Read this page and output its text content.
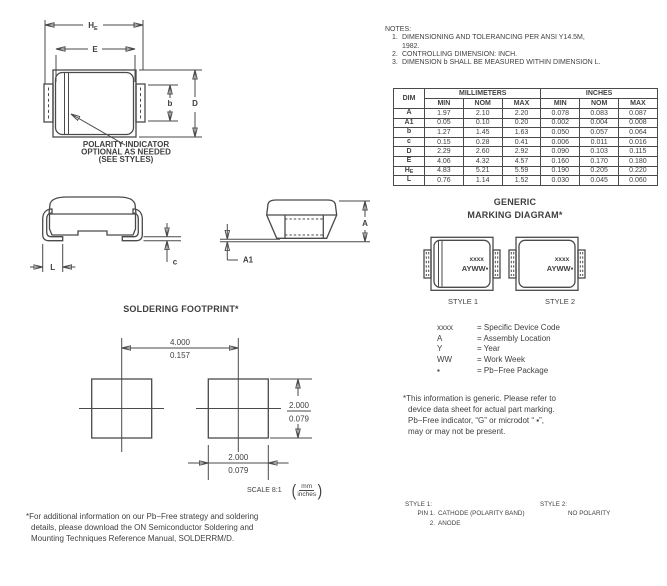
$H_E$
E
b D
POLARITY INDICATOR
OPTIONAL AS NEEDED
(SEE STYLES)
c
L
A
A1
NOTES:
1. DIMENSIONING AND TOLERANCING PER ANSI Y14.5M,
1982.
2. CONTROLLING DIMENSION: INCH.
3. DIMENSION b SHALL BE MEASURED WITHIN DIMENSION L.
DIM	MILLIMETERS			INCHES		
	MIN	NOM	MAX	MIN	NOM	MAX
A	1.97	2.10	2.20	0.078	0.083	0.087
A1	0.05	0.10	0.20	0.002	0.004	0.008
b	1.27	1.45	1.63	0.050	0.057	0.064
c	0.15	0.28	0.41	0.006	0.011	0.016
D	2.29	2.60	2.92	0.090	0.103	0.115
E	4.06	4.32	4.57	0.160	0.170	0.180
$H_E$	4.83	5.21	5.59	0.190	0.205	0.220
L	0.76	1.14	1.52	0.030	0.045	0.060
GENERIC
MARKING DIAGRAM*
xxxx
AYWW▪
xxxx
AYWW▪
STYLE 1	STYLE 2
xxxx	= Specific Device Code
A	= Assembly Location
Y	= Year
WW	= Work Week
▪	= Pb−Free Package
*This information is generic. Please refer to
device data sheet for actual part marking.
Pb−Free indicator, “G” or microdot “ ▪”,
may or may not be present.
SOLDERING FOOTPRINT*
4.000
0.157
2.000
0.079
2.000
0.079
SCALE 8:1 ( $\frac{mm}{\text{inches}}$ )
*For additional information on our Pb−Free strategy and soldering
details, please download the ON Semiconductor Soldering and
Mounting Techniques Reference Manual, SOLDERRM/D.
STYLE 1:
PIN 1. CATHODE (POLARITY BAND)
2. ANODE
STYLE 2:
NO POLARITY
